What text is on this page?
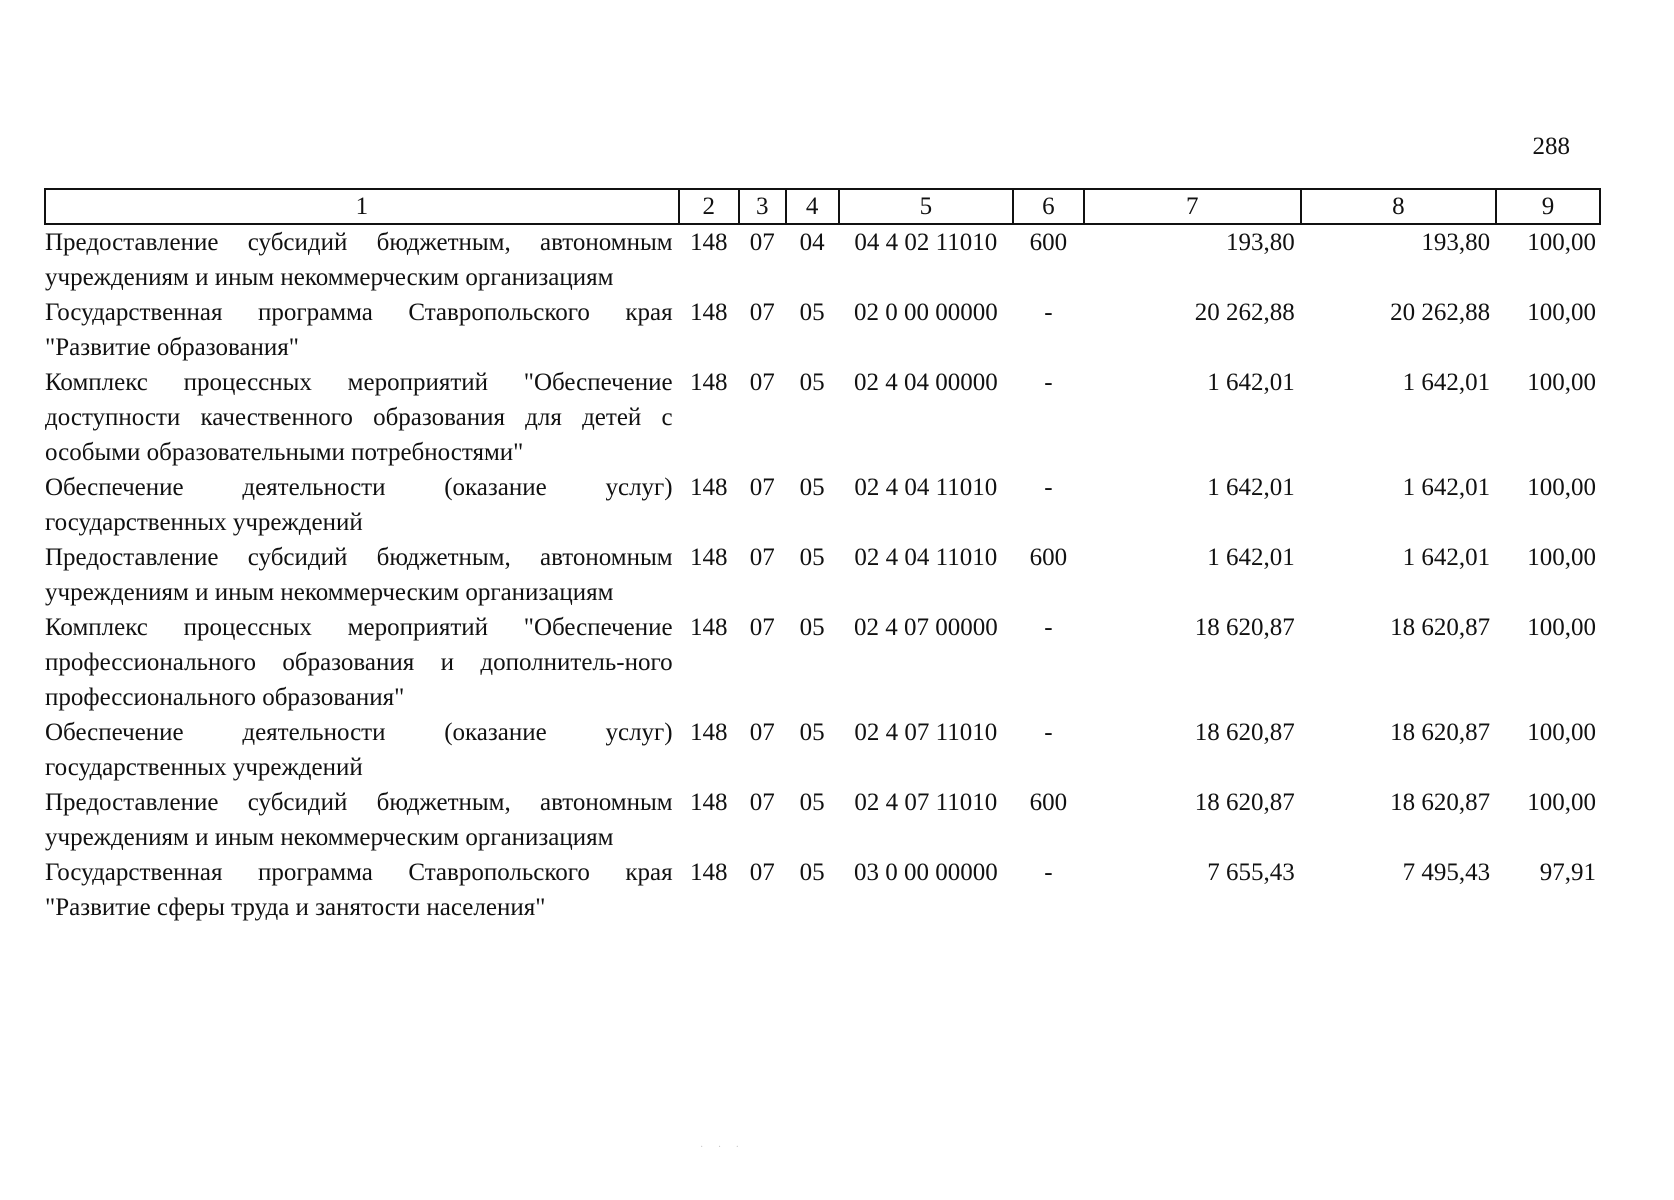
288
1	2	3	4	5	6	7	8	9
Предоставление субсидий бюджетным, автономным учреждениям и иным некоммерческим организациям	148	07	04	04 4 02 11010	600	193,80	193,80	100,00
Государственная программа Ставропольского края "Развитие образования"	148	07	05	02 0 00 00000	-	20 262,88	20 262,88	100,00
Комплекс процессных мероприятий "Обеспечение доступности качественного образования для детей с особыми образовательными потребностями"	148	07	05	02 4 04 00000	-	1 642,01	1 642,01	100,00
Обеспечение деятельности (оказание услуг) государственных учреждений	148	07	05	02 4 04 11010	-	1 642,01	1 642,01	100,00
Предоставление субсидий бюджетным, автономным учреждениям и иным некоммерческим организациям	148	07	05	02 4 04 11010	600	1 642,01	1 642,01	100,00
Комплекс процессных мероприятий "Обеспечение профессионального образования и дополнитель-ного профессионального образования"	148	07	05	02 4 07 00000	-	18 620,87	18 620,87	100,00
Обеспечение деятельности (оказание услуг) государственных учреждений	148	07	05	02 4 07 11010	-	18 620,87	18 620,87	100,00
Предоставление субсидий бюджетным, автономным учреждениям и иным некоммерческим организациям	148	07	05	02 4 07 11010	600	18 620,87	18 620,87	100,00
Государственная программа Ставропольского края "Развитие сферы труда и занятости населения"	148	07	05	03 0 00 00000	-	7 655,43	7 495,43	97,91
· · ·
